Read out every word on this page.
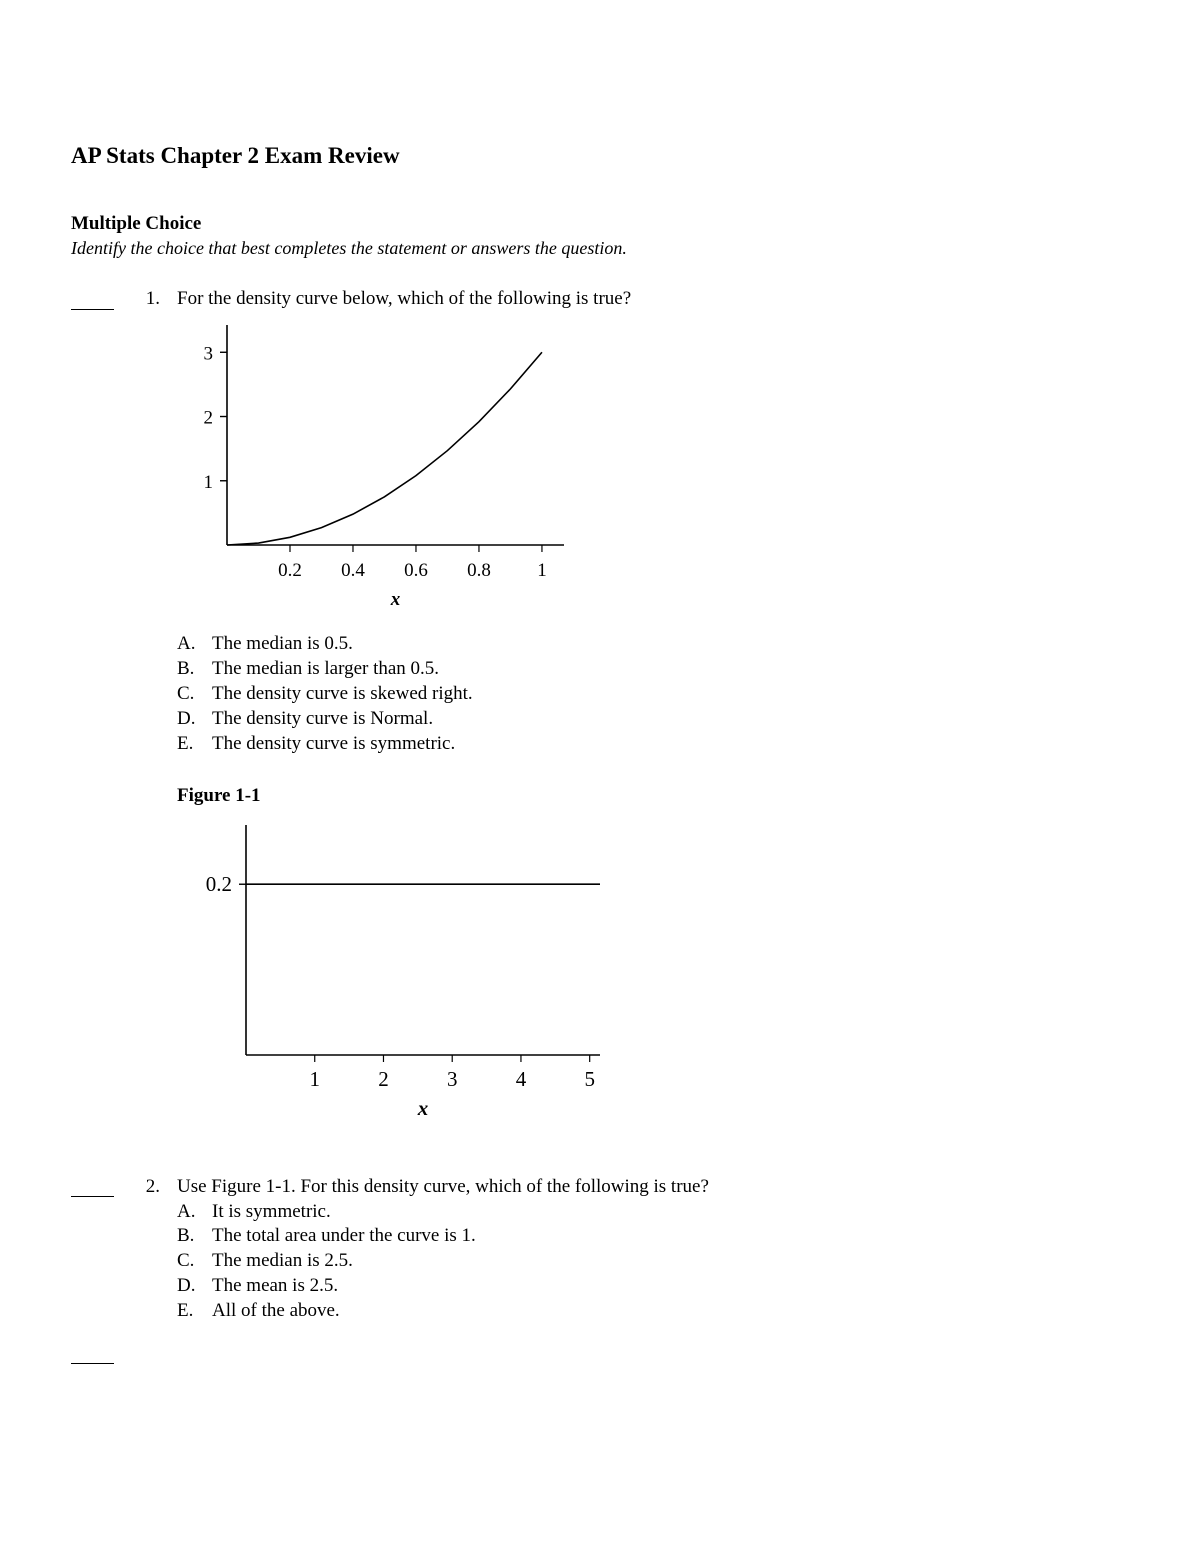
AP Stats Chapter 2 Exam Review
Multiple Choice
Identify the choice that best completes the statement or answers the question.
1. For the density curve below, which of the following is true?
0.2 0.4 0.6 0.8 1
1
2
3
x
A. The median is 0.5.
B. The median is larger than 0.5.
C. The density curve is skewed right.
D. The density curve is Normal.
E. The density curve is symmetric.
Figure 1-1
1	2	3	4	5
0.2
x
2. Use Figure 1-1. For this density curve, which of the following is true?
A. It is symmetric.
B. The total area under the curve is 1.
C. The median is 2.5.
D. The mean is 2.5.
E. All of the above.
